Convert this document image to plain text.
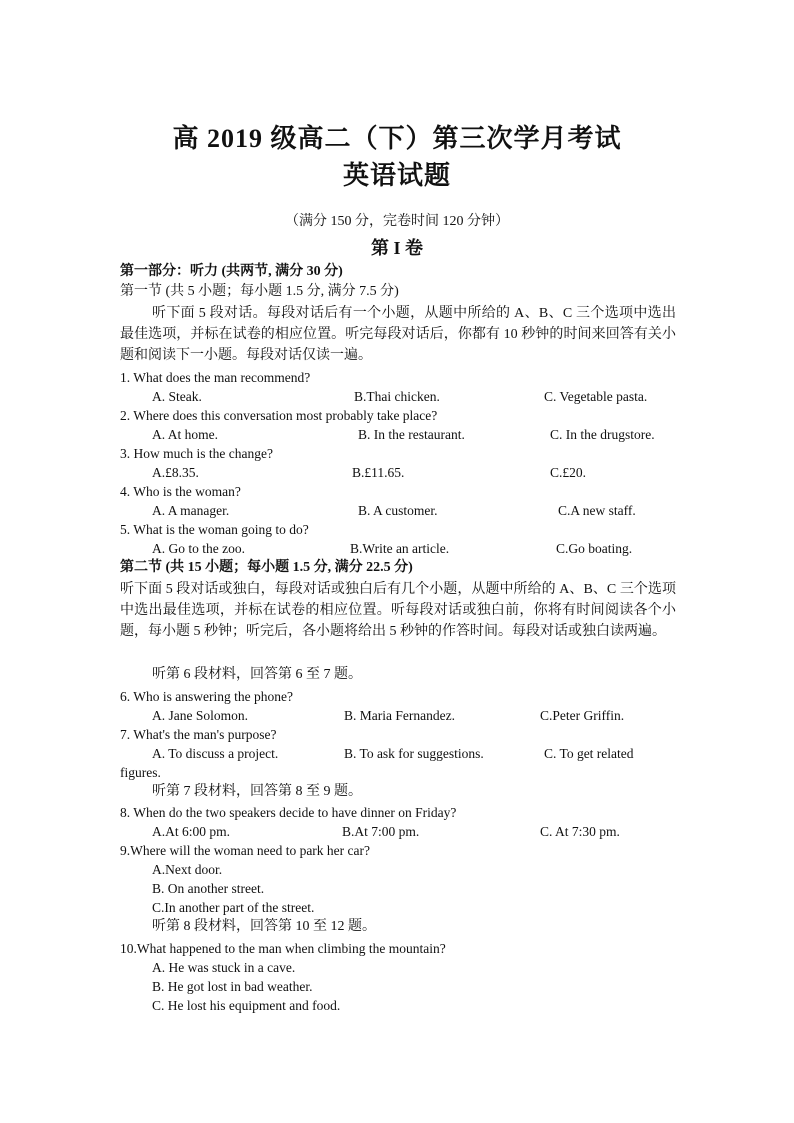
高 2019 级高二（下）第三次学月考试
英语试题
（满分 150 分，完卷时间 120 分钟）
第 I 卷
第一部分：听力 (共两节, 满分 30 分)
第一节 (共 5 小题；每小题 1.5 分, 满分 7.5 分)
听下面 5 段对话。每段对话后有一个小题，从题中所给的 A、B、C 三个选项中选出最佳选项，并标在试卷的相应位置。听完每段对话后，你都有 10 秒钟的时间来回答有关小题和阅读下一小题。每段对话仅读一遍。
1. What does the man recommend?
A. Steak.	B.Thai chicken.	C. Vegetable pasta.
2. Where does this conversation most probably take place?
A. At home.	B. In the restaurant.	C. In the drugstore.
3. How much is the change?
A.£8.35.	B.£11.65.	C.£20.
4. Who is the woman?
A. A manager.	B. A customer.	C.A new staff.
5. What is the woman going to do?
A. Go to the zoo.	B.Write an article.	C.Go boating.
第二节 (共 15 小题；每小题 1.5 分, 满分 22.5 分)
听下面 5 段对话或独白，每段对话或独白后有几个小题，从题中所给的 A、B、C 三个选项中选出最佳选项，并标在试卷的相应位置。听每段对话或独白前，你将有时间阅读各个小题，每小题 5 秒钟；听完后，各小题将给出 5 秒钟的作答时间。每段对话或独白读两遍。
听第 6 段材料，回答第 6 至 7 题。
6. Who is answering the phone?
A. Jane Solomon.	B. Maria Fernandez.	C.Peter Griffin.
7. What's the man's purpose?
A. To discuss a project.	B. To ask for suggestions.	C. To get related
figures.
听第 7 段材料，回答第 8 至 9 题。
8. When do the two speakers decide to have dinner on Friday?
A.At 6:00 pm.	B.At 7:00 pm.	C. At 7:30 pm.
9.Where will the woman need to park her car?
A.Next door.
B. On another street.
C.In another part of the street.
听第 8 段材料，回答第 10 至 12 题。
10.What happened to the man when climbing the mountain?
A. He was stuck in a cave.
B. He got lost in bad weather.
C. He lost his equipment and food.
